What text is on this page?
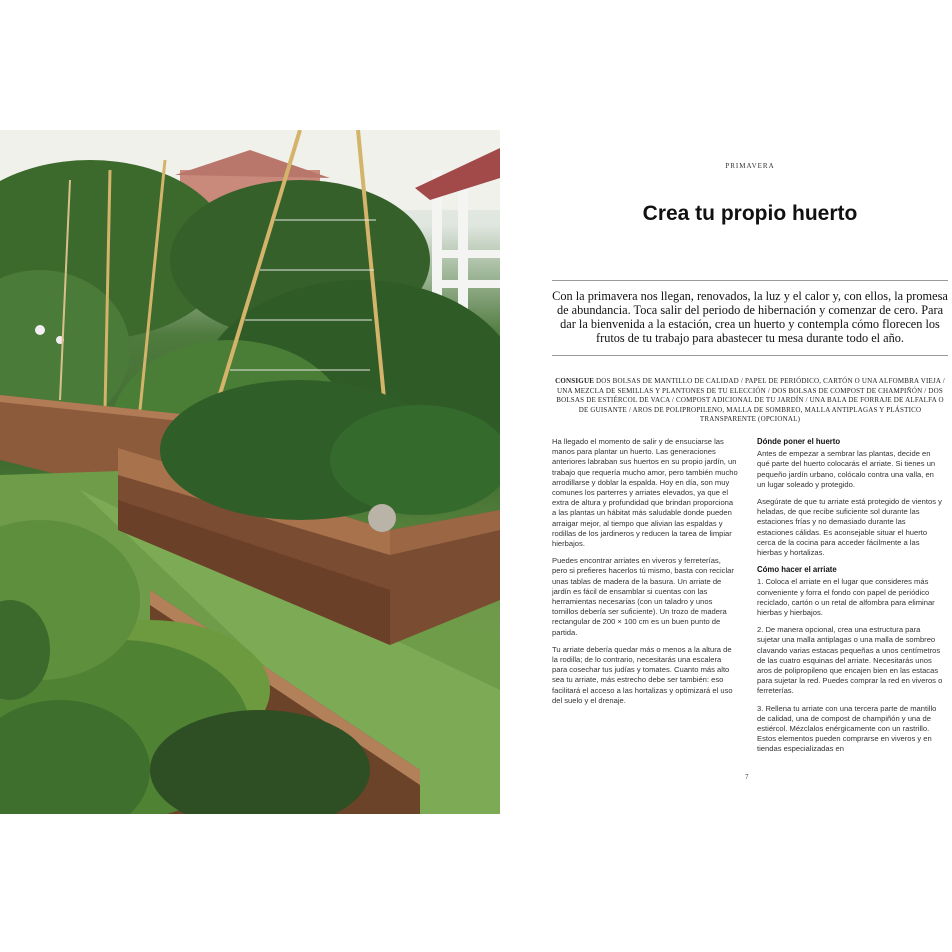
PRIMAVERA
Crea tu propio huerto
Con la primavera nos llegan, renovados, la luz y el calor y, con ellos, la promesa de abundancia. Toca salir del periodo de hibernación y comenzar de cero. Para dar la bienvenida a la estación, crea un huerto y contempla cómo florecen los frutos de tu trabajo para abastecer tu mesa durante todo el año.
CONSIGUE DOS BOLSAS DE MANTILLO DE CALIDAD / PAPEL DE PERIÓDICO, CARTÓN O UNA ALFOMBRA VIEJA / UNA MEZCLA DE SEMILLAS Y PLANTONES DE TU ELECCIÓN / DOS BOLSAS DE COMPOST DE CHAMPIÑÓN / DOS BOLSAS DE ESTIÉRCOL DE VACA / COMPOST ADICIONAL DE TU JARDÍN / UNA BALA DE FORRAJE DE ALFALFA O DE GUISANTE / AROS DE POLIPROPILENO, MALLA DE SOMBREO, MALLA ANTIPLAGAS Y PLÁSTICO TRANSPARENTE (OPCIONAL)

Ha llegado el momento de salir y de ensuciarse las manos para plantar un huerto. Las generaciones anteriores labraban sus huertos en su propio jardín, un trabajo que requería mucho amor, pero también mucho arrodillarse y doblar la espalda. Hoy en día, son muy comunes los parterres y arriates elevados, ya que el extra de altura y profundidad que brindan proporciona a las plantas un hábitat más saludable donde pueden arraigar mejor, al tiempo que alivian las espaldas y rodillas de los jardineros y reducen la tarea de limpiar hierbajos.

Puedes encontrar arriates en viveros y ferreterías, pero si prefieres hacerlos tú mismo, basta con reciclar unas tablas de madera de la basura. Un arriate de jardín es fácil de ensamblar si cuentas con las herramientas necesarias (con un taladro y unos tornillos debería ser suficiente). Un trozo de madera rectangular de 200 × 100 cm es un buen punto de partida.

Tu arriate debería quedar más o menos a la altura de la rodilla; de lo contrario, necesitarás una escalera para cosechar tus judías y tomates. Cuanto más alto sea tu arriate, más estrecho debe ser también: eso facilitará el acceso a las hortalizas y optimizará el uso del suelo y el drenaje.

Dónde poner el huerto

Antes de empezar a sembrar las plantas, decide en qué parte del huerto colocarás el arriate. Si tienes un pequeño jardín urbano, colócalo contra una valla, en un lugar soleado y protegido.

Asegúrate de que tu arriate está protegido de vientos y heladas, de que recibe suficiente sol durante las estaciones frías y no demasiado durante las estaciones cálidas. Es aconsejable situar el huerto cerca de la cocina para acceder fácilmente a las hierbas y hortalizas.

Cómo hacer el arriate

1. Coloca el arriate en el lugar que consideres más conveniente y forra el fondo con papel de periódico reciclado, cartón o un retal de alfombra para eliminar hierbas y hierbajos.

2. De manera opcional, crea una estructura para sujetar una malla antiplagas o una malla de sombreo clavando varias estacas pequeñas a unos centímetros de las cuatro esquinas del arriate. Necesitarás unos aros de polipropileno que encajen bien en las estacas para sujetar la red. Puedes comprar la red en viveros o ferreterías.

3. Rellena tu arriate con una tercera parte de mantillo de calidad, una de compost de champiñón y una de estiércol. Mézclalos enérgicamente con un rastrillo. Estos elementos pueden comprarse en viveros y en tiendas especializadas en

7
